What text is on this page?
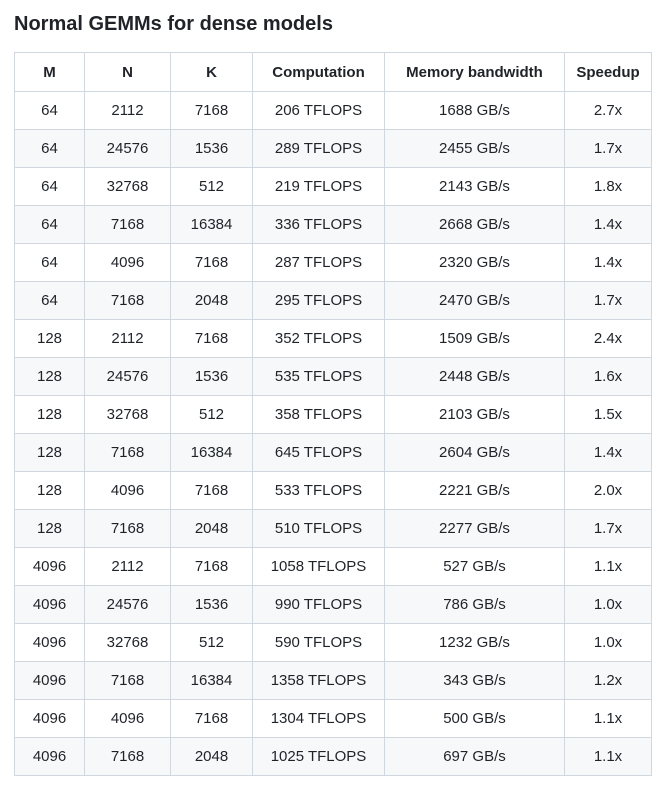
Normal GEMMs for dense models
M	N	K	Computation	Memory bandwidth	Speedup
64	2112	7168	206 TFLOPS	1688 GB/s	2.7x
64	24576	1536	289 TFLOPS	2455 GB/s	1.7x
64	32768	512	219 TFLOPS	2143 GB/s	1.8x
64	7168	16384	336 TFLOPS	2668 GB/s	1.4x
64	4096	7168	287 TFLOPS	2320 GB/s	1.4x
64	7168	2048	295 TFLOPS	2470 GB/s	1.7x
128	2112	7168	352 TFLOPS	1509 GB/s	2.4x
128	24576	1536	535 TFLOPS	2448 GB/s	1.6x
128	32768	512	358 TFLOPS	2103 GB/s	1.5x
128	7168	16384	645 TFLOPS	2604 GB/s	1.4x
128	4096	7168	533 TFLOPS	2221 GB/s	2.0x
128	7168	2048	510 TFLOPS	2277 GB/s	1.7x
4096	2112	7168	1058 TFLOPS	527 GB/s	1.1x
4096	24576	1536	990 TFLOPS	786 GB/s	1.0x
4096	32768	512	590 TFLOPS	1232 GB/s	1.0x
4096	7168	16384	1358 TFLOPS	343 GB/s	1.2x
4096	4096	7168	1304 TFLOPS	500 GB/s	1.1x
4096	7168	2048	1025 TFLOPS	697 GB/s	1.1x
